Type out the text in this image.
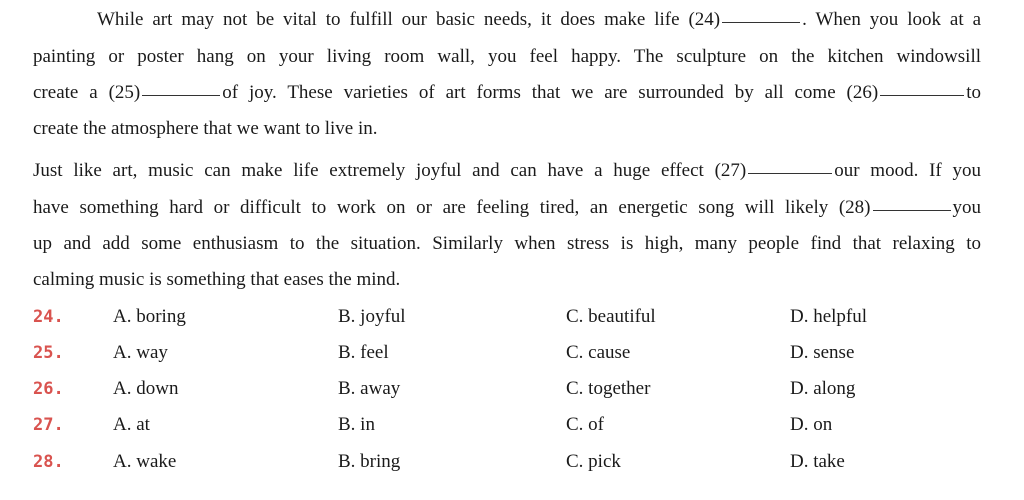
While art may not be vital to fulfill our basic needs, it does make life (24)	. When you look at a
painting or poster hang on your living room wall, you feel happy. The sculpture on the kitchen windowsill
create a (25)	of joy. These varieties of art forms that we are surrounded by all come (26)	to
create the atmosphere that we want to live in.
Just like art, music can make life extremely joyful and can have a huge effect (27)	our mood. If you
have something hard or difficult to work on or are feeling tired, an energetic song will likely (28)	you
up and add some enthusiasm to the situation. Similarly when stress is high, many people find that relaxing to
calming music is something that eases the mind.
24.	A. boring	B. joyful	C. beautiful	D. helpful
25.	A. way	B. feel	C. cause	D. sense
26.	A. down	B. away	C. together	D. along
27.	A. at	B. in	C. of	D. on
28.	A. wake	B. bring	C. pick	D. take
